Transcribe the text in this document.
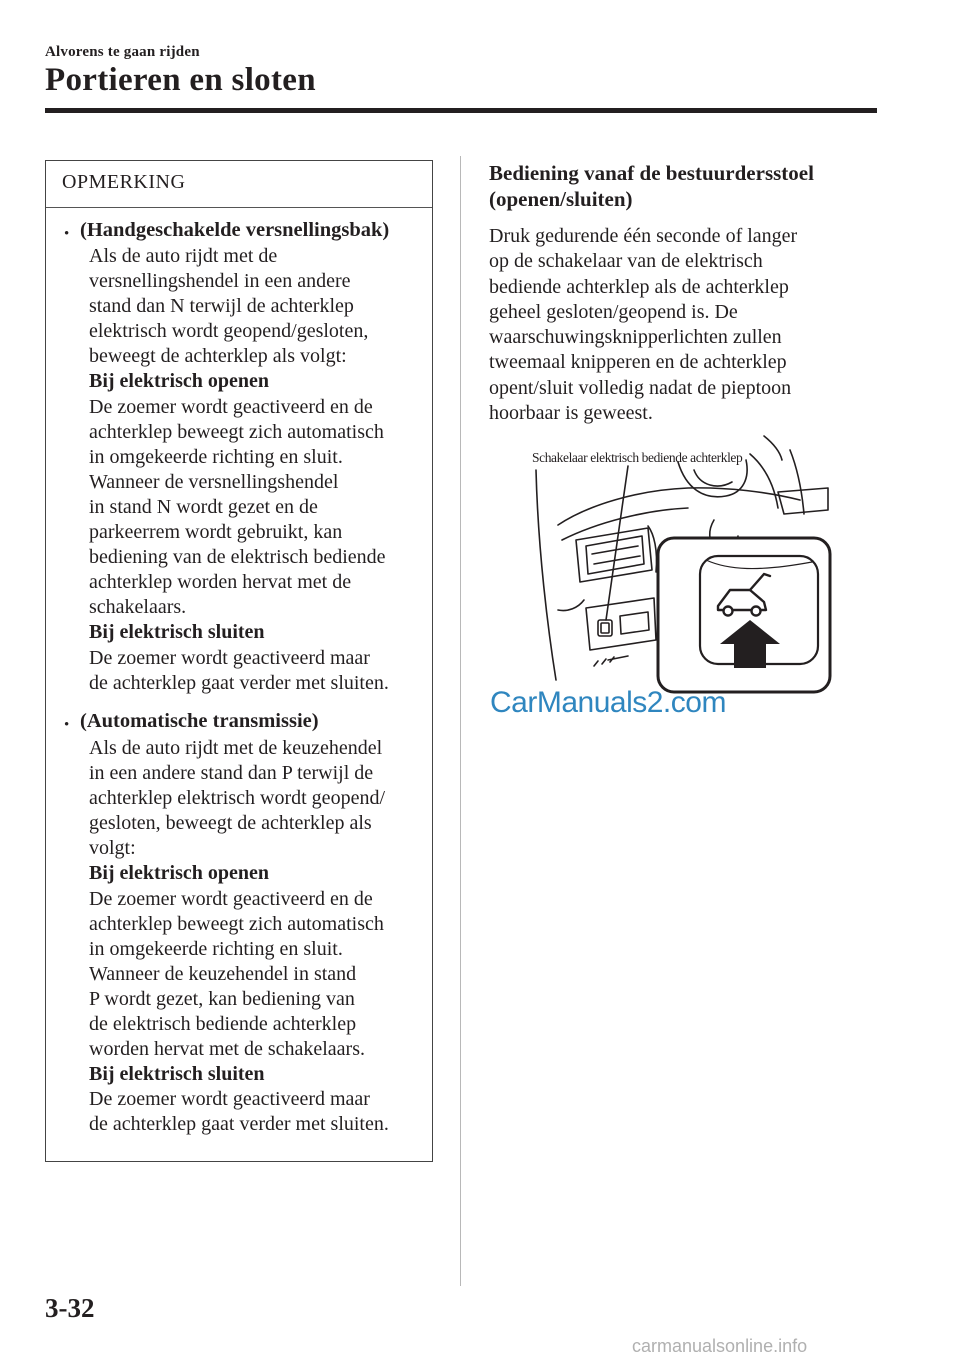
Alvorens te gaan rijden
Portieren en sloten
OPMERKING
• (Handgeschakelde versnellingsbak)
Als de auto rijdt met de
versnellingshendel in een andere
stand dan N terwijl de achterklep
elektrisch wordt geopend/gesloten,
beweegt de achterklep als volgt:
Bij elektrisch openen
De zoemer wordt geactiveerd en de
achterklep beweegt zich automatisch
in omgekeerde richting en sluit.
Wanneer de versnellingshendel
in stand N wordt gezet en de
parkeerrem wordt gebruikt, kan
bediening van de elektrisch bediende
achterklep worden hervat met de
schakelaars.
Bij elektrisch sluiten
De zoemer wordt geactiveerd maar
de achterklep gaat verder met sluiten.
• (Automatische transmissie)
Als de auto rijdt met de keuzehendel
in een andere stand dan P terwijl de
achterklep elektrisch wordt geopend/
gesloten, beweegt de achterklep als
volgt:
Bij elektrisch openen
De zoemer wordt geactiveerd en de
achterklep beweegt zich automatisch
in omgekeerde richting en sluit.
Wanneer de keuzehendel in stand
P wordt gezet, kan bediening van
de elektrisch bediende achterklep
worden hervat met de schakelaars.
Bij elektrisch sluiten
De zoemer wordt geactiveerd maar
de achterklep gaat verder met sluiten.
Bediening vanaf de bestuurdersstoel
(openen/sluiten)
Druk gedurende één seconde of langer
op de schakelaar van de elektrisch
bediende achterklep als de achterklep
geheel gesloten/geopend is. De
waarschuwingsknipperlichten zullen
tweemaal knipperen en de achterklep
opent/sluit volledig nadat de pieptoon
hoorbaar is geweest.
Schakelaar elektrisch bediende achterklep
CarManuals2.com
3-32
carmanualsonline.info
